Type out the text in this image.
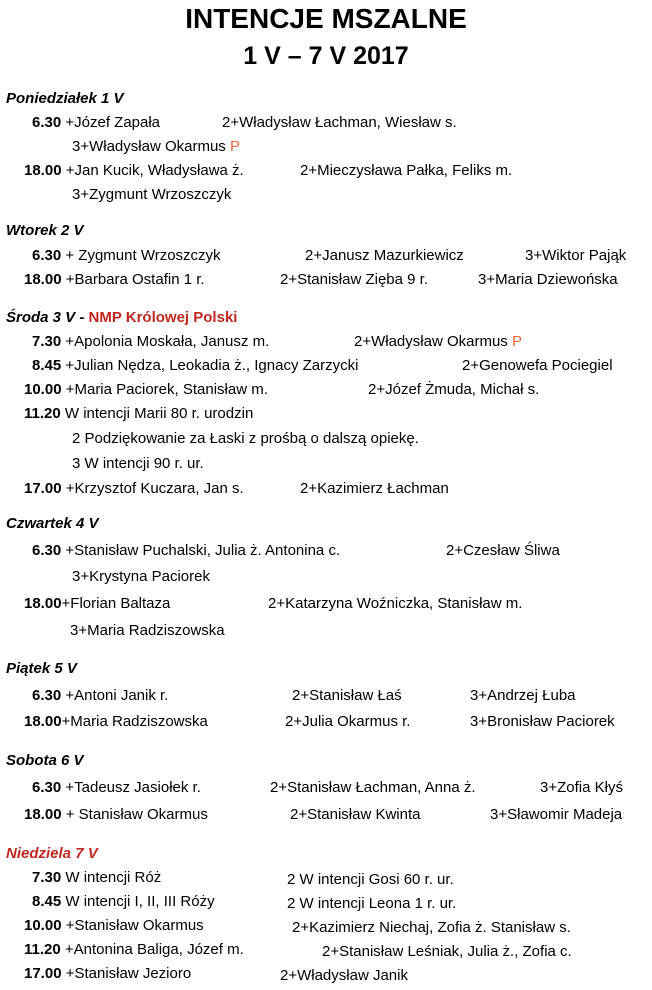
INTENCJE MSZALNE
1 V – 7 V 2017
Poniedziałek 1 V
6.30 +Józef Zapała	2+Władysław Łachman, Wiesław s.
3+Władysław Okarmus P
18.00 +Jan Kucik, Władysława ż.	2+Mieczysława Pałka, Feliks m.
3+Zygmunt Wrzoszczyk
Wtorek 2 V
6.30 + Zygmunt Wrzoszczyk	2+Janusz Mazurkiewicz	3+Wiktor Pająk
18.00 +Barbara Ostafin 1 r.	2+Stanisław Zięba 9 r.	3+Maria Dziewońska
Środa 3 V - NMP Królowej Polski
7.30 +Apolonia Moskała, Janusz m.	2+Władysław Okarmus P
8.45 +Julian Nędza, Leokadia ż., Ignacy Zarzycki	2+Genowefa Pociegiel
10.00 +Maria Paciorek, Stanisław m.	2+Józef Żmuda, Michał s.
11.20 W intencji Marii 80 r. urodzin
2 Podziękowanie za Łaski z prośbą o dalszą opiekę.
3 W intencji 90 r. ur.
17.00 +Krzysztof Kuczara, Jan s.	2+Kazimierz Łachman
Czwartek 4 V
6.30 +Stanisław Puchalski, Julia ż. Antonina c.	2+Czesław Śliwa
3+Krystyna Paciorek
18.00+Florian Baltaza	2+Katarzyna Woźniczka, Stanisław m.
3+Maria Radziszowska
Piątek 5 V
6.30 +Antoni Janik r.	2+Stanisław Łaś	3+Andrzej Łuba
18.00+Maria Radziszowska	2+Julia Okarmus r.	3+Bronisław Paciorek
Sobota 6 V
6.30 +Tadeusz Jasiołek r.	2+Stanisław Łachman, Anna ż.	3+Zofia Kłyś
18.00 + Stanisław Okarmus	2+Stanisław Kwinta	3+Sławomir Madeja
Niedziela 7 V
7.30 W intencji Róż	2 W intencji Gosi 60 r. ur.
8.45 W intencji I, II, III Róży	2 W intencji Leona 1 r. ur.
10.00 +Stanisław Okarmus	2+Kazimierz Niechaj, Zofia ż. Stanisław s.
11.20 +Antonina Baliga, Józef m.	2+Stanisław Leśniak, Julia ż., Zofia c.
17.00 +Stanisław Jezioro	2+Władysław Janik
